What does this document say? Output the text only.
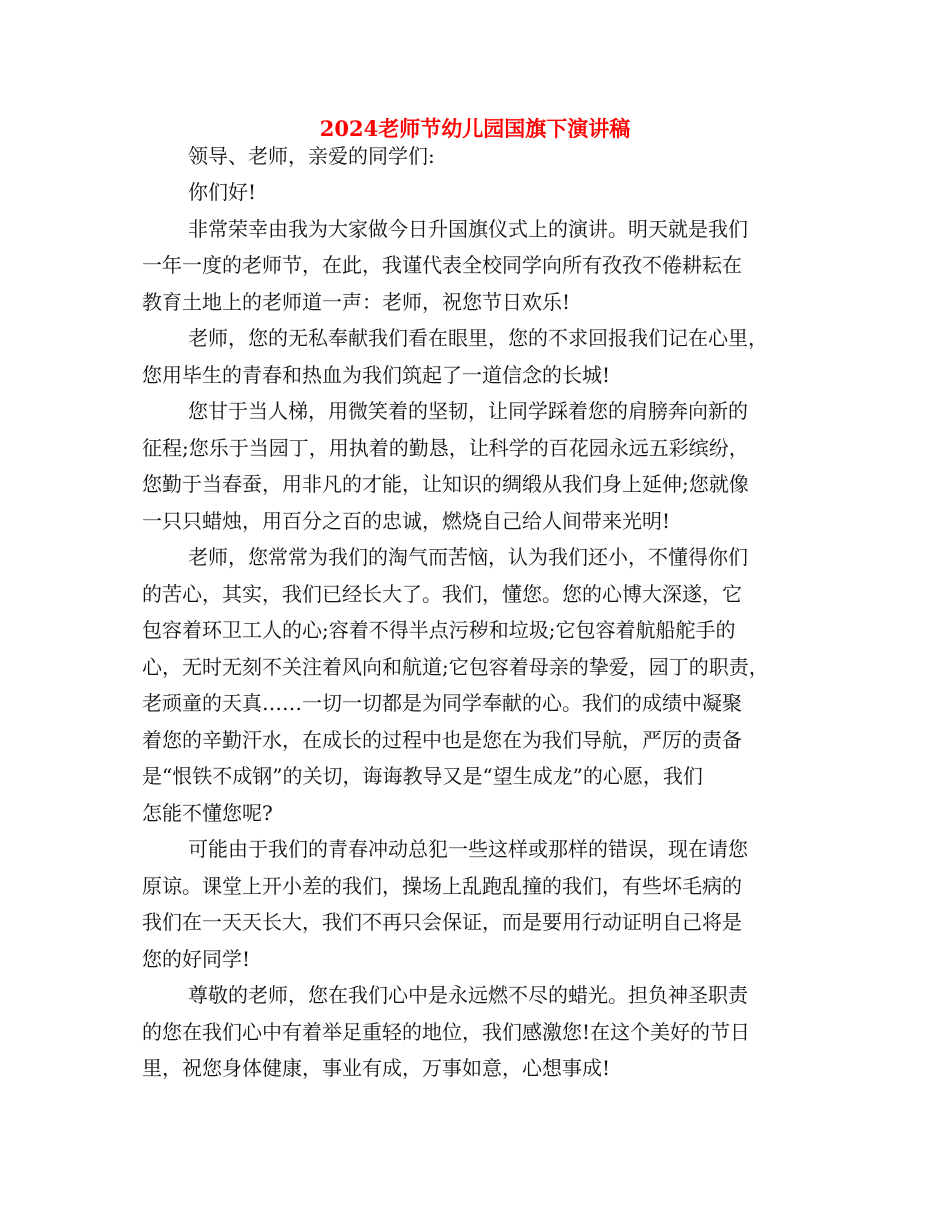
2024老师节幼儿园国旗下演讲稿
领导、老师，亲爱的同学们:
你们好!
非常荣幸由我为大家做今日升国旗仪式上的演讲。明天就是我们
一年一度的老师节，在此，我谨代表全校同学向所有孜孜不倦耕耘在
教育土地上的老师道一声：老师，祝您节日欢乐!
老师，您的无私奉献我们看在眼里，您的不求回报我们记在心里，
您用毕生的青春和热血为我们筑起了一道信念的长城!
您甘于当人梯，用微笑着的坚韧，让同学踩着您的肩膀奔向新的
征程;您乐于当园丁，用执着的勤恳，让科学的百花园永远五彩缤纷，
您勤于当春蚕，用非凡的才能，让知识的绸缎从我们身上延伸;您就像
一只只蜡烛，用百分之百的忠诚，燃烧自己给人间带来光明!
老师，您常常为我们的淘气而苦恼，认为我们还小，不懂得你们
的苦心，其实，我们已经长大了。我们，懂您。您的心博大深遂，它
包容着环卫工人的心;容着不得半点污秽和垃圾;它包容着航船舵手的
心，无时无刻不关注着风向和航道;它包容着母亲的挚爱，园丁的职责，
老顽童的天真……一切一切都是为同学奉献的心。我们的成绩中凝聚
着您的辛勤汗水，在成长的过程中也是您在为我们导航，严厉的责备
是“恨铁不成钢”的关切，诲诲教导又是“望生成龙”的心愿，我们
怎能不懂您呢?
可能由于我们的青春冲动总犯一些这样或那样的错误，现在请您
原谅。课堂上开小差的我们，操场上乱跑乱撞的我们，有些坏毛病的
我们在一天天长大，我们不再只会保证，而是要用行动证明自己将是
您的好同学!
尊敬的老师，您在我们心中是永远燃不尽的蜡光。担负神圣职责
的您在我们心中有着举足重轻的地位，我们感激您!在这个美好的节日
里，祝您身体健康，事业有成，万事如意，心想事成!
